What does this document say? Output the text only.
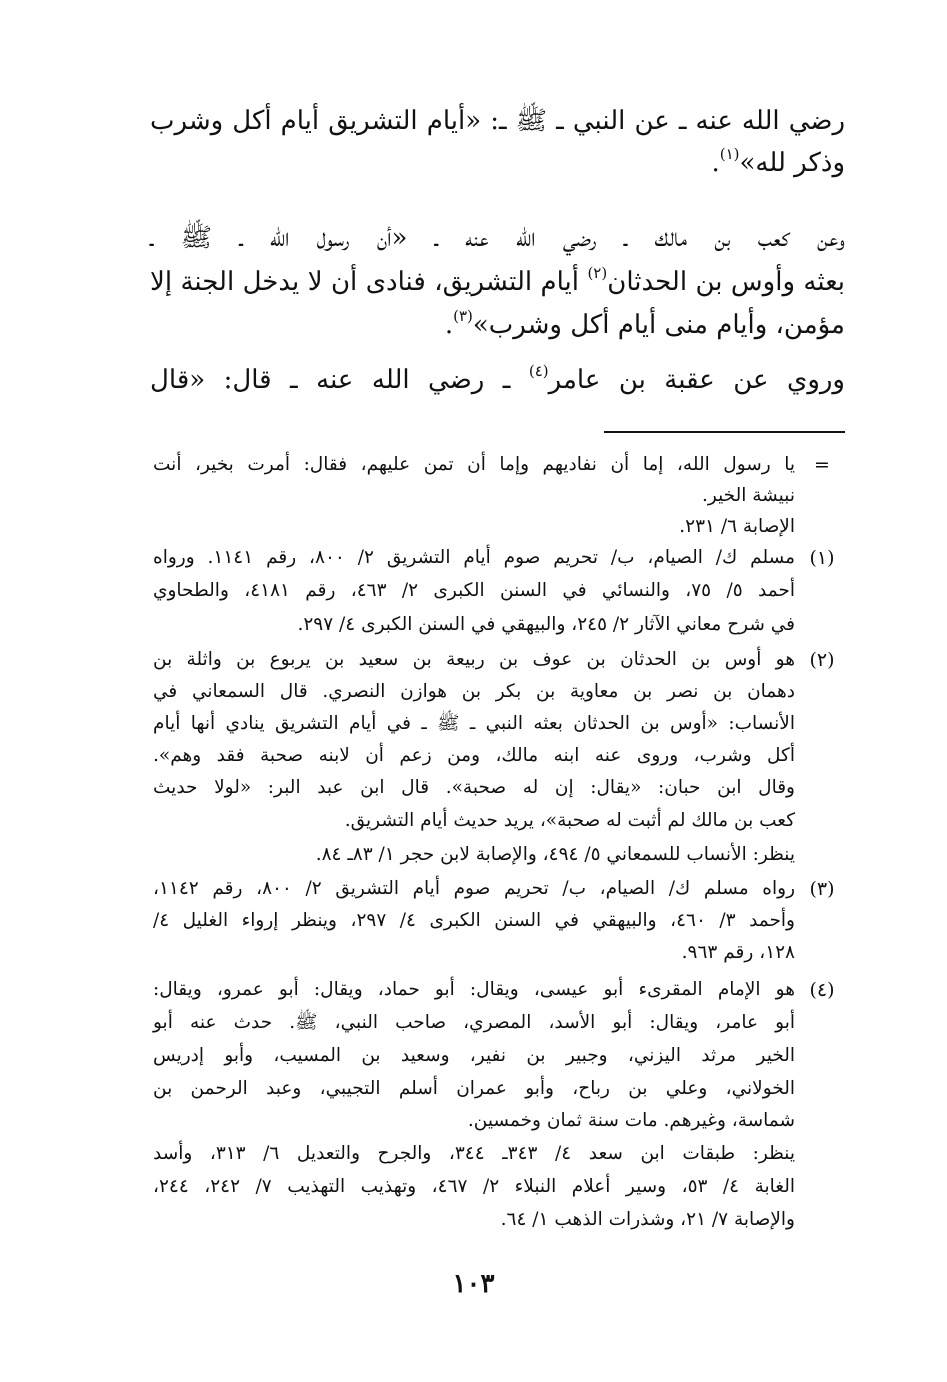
رضي الله عنه ـ عن النبي ـ ﷺ ـ: «أيام التشريق أيام أكل وشرب
وذكر لله»$^{(١)}$.
وعن كعب بن مالك ـ رضي الله عنه ـ «أن رسول الله ـ ﷺ ـ
بعثه وأوس بن الحدثان$^{(٢)}$ أيام التشريق، فنادى أن لا يدخل الجنة إلا
مؤمن، وأيام منى أيام أكل وشرب»$^{(٣)}$.
وروي عن عقبة بن عامر$^{(٤)}$ ـ رضي الله عنه ـ قال: «قال
=
يا رسول الله، إما أن نفاديهم وإما أن تمن عليهم، فقال: أمرت بخير، أنت
نبيشة الخير.
الإصابة ٦/ ٢٣١.
(١)
مسلم ك/ الصيام، ب/ تحريم صوم أيام التشريق ٢/ ٨٠٠، رقم ١١٤١. ورواه
أحمد ٥/ ٧٥، والنسائي في السنن الكبرى ٢/ ٤٦٣، رقم ٤١٨١، والطحاوي
في شرح معاني الآثار ٢/ ٢٤٥، والبيهقي في السنن الكبرى ٤/ ٢٩٧.
(٢)
هو أوس بن الحدثان بن عوف بن ربيعة بن سعيد بن يربوع بن واثلة بن
دهمان بن نصر بن معاوية بن بكر بن هوازن النصري. قال السمعاني في
الأنساب: «أوس بن الحدثان بعثه النبي ـ ﷺ ـ في أيام التشريق ينادي أنها أيام
أكل وشرب، وروى عنه ابنه مالك، ومن زعم أن لابنه صحبة فقد وهم».
وقال ابن حبان: «يقال: إن له صحبة». قال ابن عبد البر: «لولا حديث
كعب بن مالك لم أثبت له صحبة»، يريد حديث أيام التشريق.
ينظر: الأنساب للسمعاني ٥/ ٤٩٤، والإصابة لابن حجر ١/ ٨٣ـ ٨٤.
(٣)
رواه مسلم ك/ الصيام، ب/ تحريم صوم أيام التشريق ٢/ ٨٠٠، رقم ١١٤٢،
وأحمد ٣/ ٤٦٠، والبيهقي في السنن الكبرى ٤/ ٢٩٧، وينظر إرواء الغليل ٤/
١٢٨، رقم ٩٦٣.
(٤)
هو الإمام المقرىء أبو عيسى، ويقال: أبو حماد، ويقال: أبو عمرو، ويقال:
أبو عامر، ويقال: أبو الأسد، المصري، صاحب النبي، ﷺ. حدث عنه أبو
الخير مرثد اليزني، وجبير بن نفير، وسعيد بن المسيب، وأبو إدريس
الخولاني، وعلي بن رباح، وأبو عمران أسلم التجيبي، وعبد الرحمن بن
شماسة، وغيرهم. مات سنة ثمان وخمسين.
ينظر: طبقات ابن سعد ٤/ ٣٤٣ـ ٣٤٤، والجرح والتعديل ٦/ ٣١٣، وأسد
الغابة ٤/ ٥٣، وسير أعلام النبلاء ٢/ ٤٦٧، وتهذيب التهذيب ٧/ ٢٤٢، ٢٤٤،
والإصابة ٧/ ٢١، وشذرات الذهب ١/ ٦٤.
١٠٣
